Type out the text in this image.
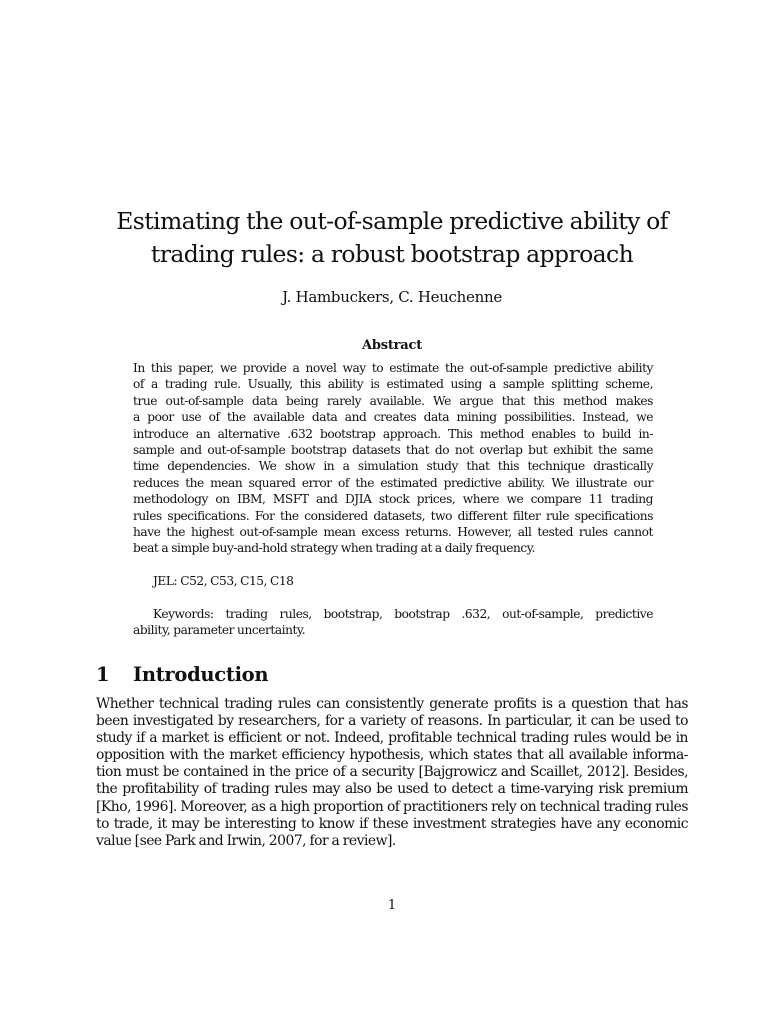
Estimating the out-of-sample predictive ability of
trading rules: a robust bootstrap approach
J. Hambuckers, C. Heuchenne
Abstract
In this paper, we provide a novel way to estimate the out-of-sample predictive ability
of a trading rule. Usually, this ability is estimated using a sample splitting scheme,
true out-of-sample data being rarely available. We argue that this method makes
a poor use of the available data and creates data mining possibilities. Instead, we
introduce an alternative .632 bootstrap approach. This method enables to build in-
sample and out-of-sample bootstrap datasets that do not overlap but exhibit the same
time dependencies. We show in a simulation study that this technique drastically
reduces the mean squared error of the estimated predictive ability. We illustrate our
methodology on IBM, MSFT and DJIA stock prices, where we compare 11 trading
rules specifications. For the considered datasets, two different filter rule specifications
have the highest out-of-sample mean excess returns. However, all tested rules cannot
beat a simple buy-and-hold strategy when trading at a daily frequency.
JEL: C52, C53, C15, C18
Keywords: trading rules, bootstrap, bootstrap .632, out-of-sample, predictive
ability, parameter uncertainty.
1 Introduction
Whether technical trading rules can consistently generate profits is a question that has
been investigated by researchers, for a variety of reasons. In particular, it can be used to
study if a market is efficient or not. Indeed, profitable technical trading rules would be in
opposition with the market efficiency hypothesis, which states that all available informa-
tion must be contained in the price of a security [Bajgrowicz and Scaillet, 2012]. Besides,
the profitability of trading rules may also be used to detect a time-varying risk premium
[Kho, 1996]. Moreover, as a high proportion of practitioners rely on technical trading rules
to trade, it may be interesting to know if these investment strategies have any economic
value [see Park and Irwin, 2007, for a review].
1
